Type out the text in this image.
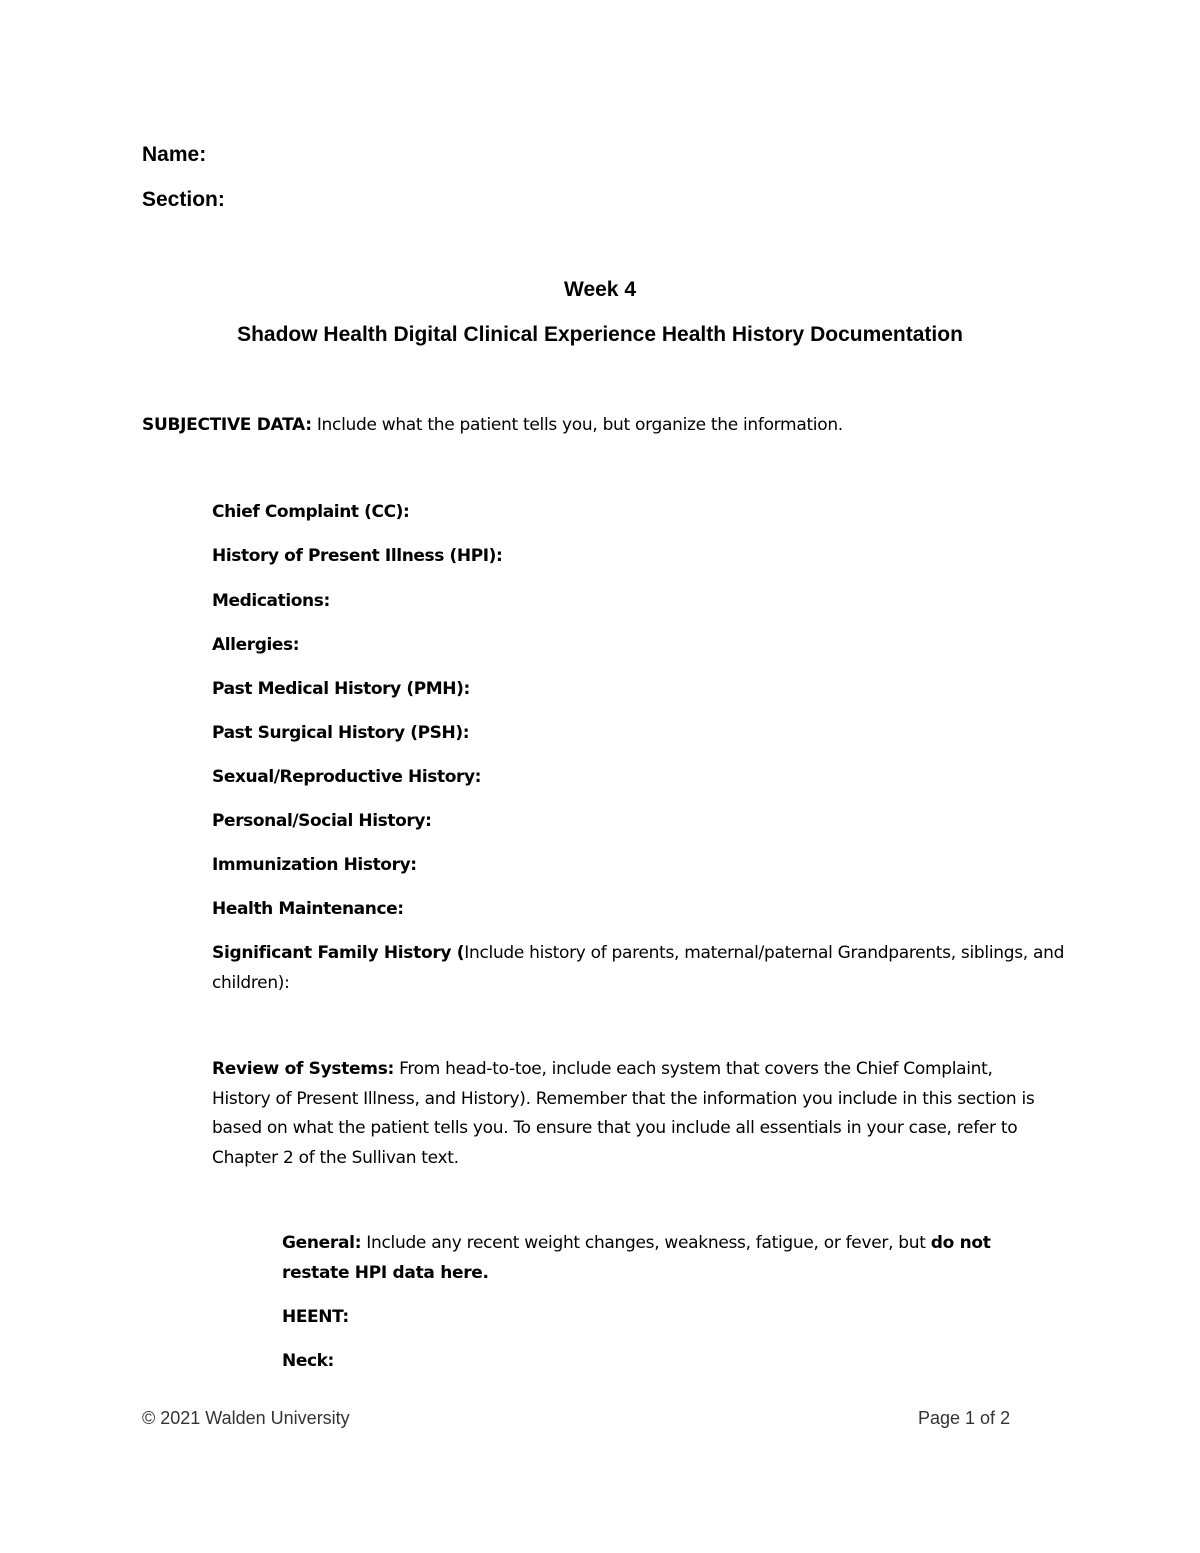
Name:
Section:
Week 4
Shadow Health Digital Clinical Experience Health History Documentation
SUBJECTIVE DATA: Include what the patient tells you, but organize the information.
Chief Complaint (CC):
History of Present Illness (HPI):
Medications:
Allergies:
Past Medical History (PMH):
Past Surgical History (PSH):
Sexual/Reproductive History:
Personal/Social History:
Immunization History:
Health Maintenance:
Significant Family History (Include history of parents, maternal/paternal Grandparents, siblings, and children):
Review of Systems: From head-to-toe, include each system that covers the Chief Complaint, History of Present Illness, and History). Remember that the information you include in this section is based on what the patient tells you. To ensure that you include all essentials in your case, refer to Chapter 2 of the Sullivan text.
General: Include any recent weight changes, weakness, fatigue, or fever, but do not restate HPI data here.
HEENT:
Neck:
© 2021 Walden University	Page 1 of 2
